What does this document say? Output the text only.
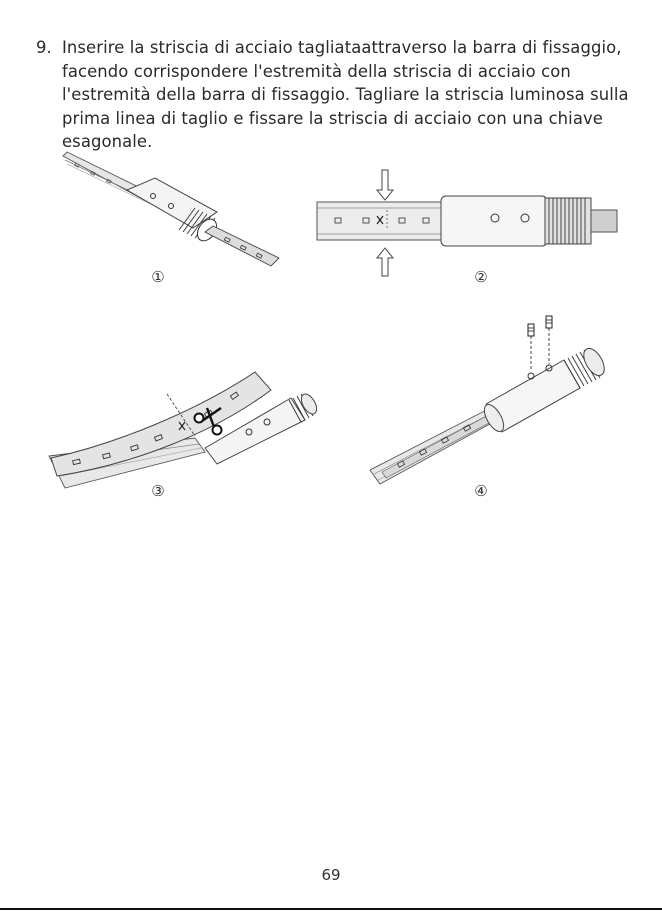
9. Inserire la striscia di acciaio tagliataattraverso la barra di fissaggio, facendo corrispondere l'estremità della striscia di acciaio con l'estremità della barra di fissaggio. Tagliare la striscia luminosa sulla prima linea di taglio e fissare la striscia di acciaio con una chiave esagonale.
①	②
③	④
69
